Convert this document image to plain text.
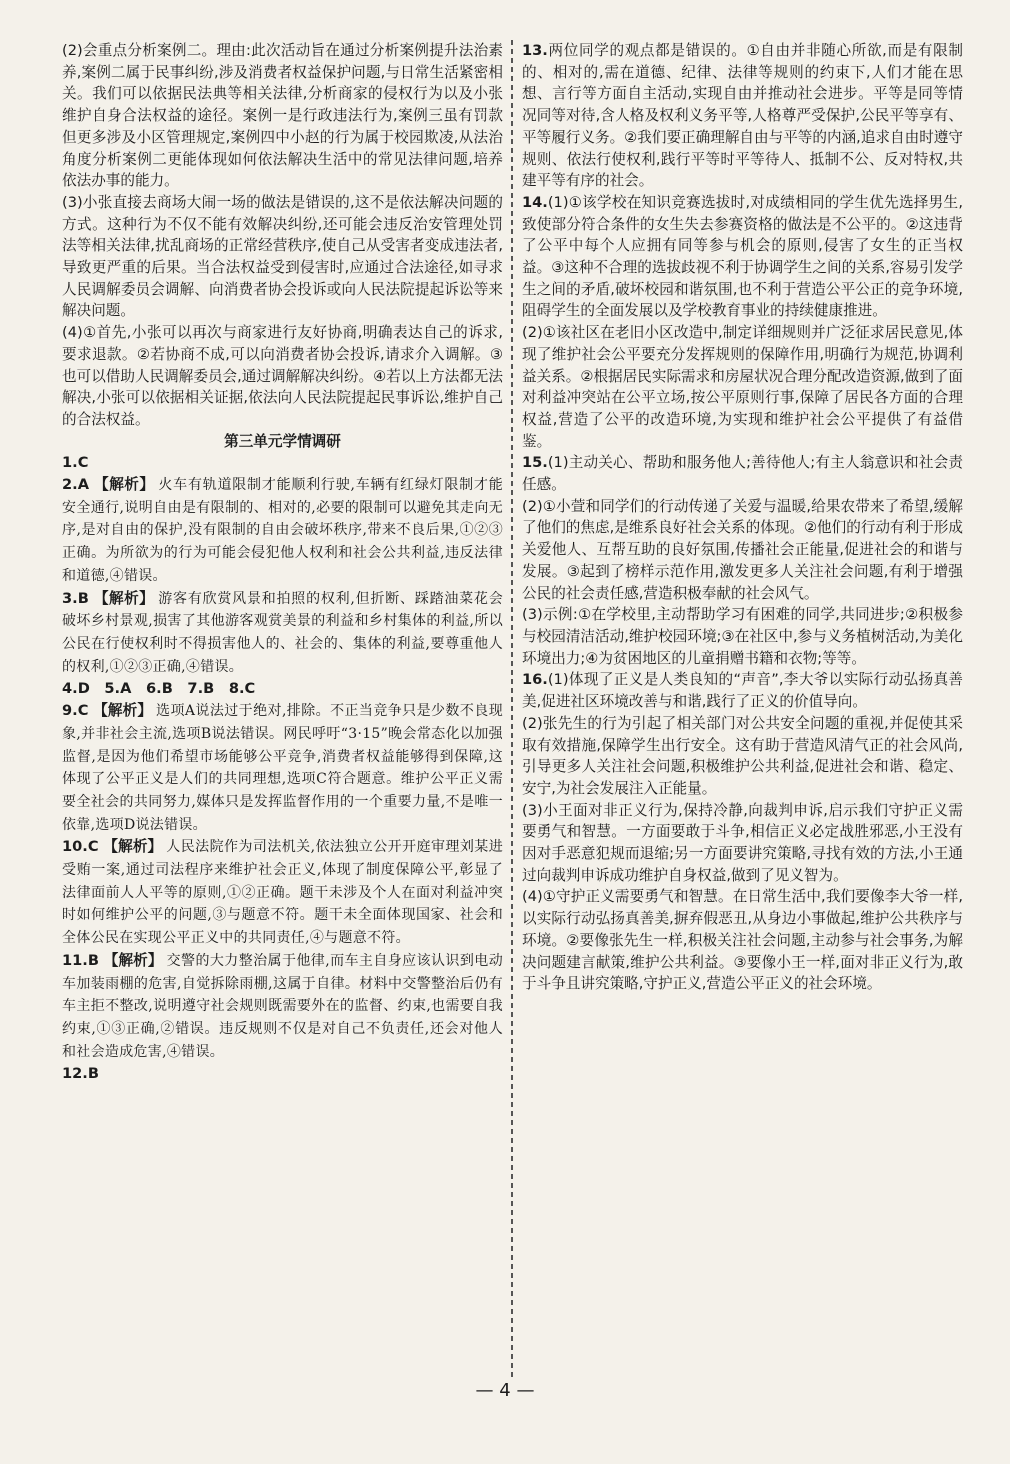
(2)会重点分析案例二。理由:此次活动旨在通过分析案例提升法治素养,案例二属于民事纠纷,涉及消费者权益保护问题,与日常生活紧密相关。我们可以依据民法典等相关法律,分析商家的侵权行为以及小张维护自身合法权益的途径。案例一是行政违法行为,案例三虽有罚款但更多涉及小区管理规定,案例四中小赵的行为属于校园欺凌,从法治角度分析案例二更能体现如何依法解决生活中的常见法律问题,培养依法办事的能力。

(3)小张直接去商场大闹一场的做法是错误的,这不是依法解决问题的方式。这种行为不仅不能有效解决纠纷,还可能会违反治安管理处罚法等相关法律,扰乱商场的正常经营秩序,使自己从受害者变成违法者,导致更严重的后果。当合法权益受到侵害时,应通过合法途径,如寻求人民调解委员会调解、向消费者协会投诉或向人民法院提起诉讼等来解决问题。

(4)①首先,小张可以再次与商家进行友好协商,明确表达自己的诉求,要求退款。②若协商不成,可以向消费者协会投诉,请求介入调解。③也可以借助人民调解委员会,通过调解解决纠纷。④若以上方法都无法解决,小张可以依据相关证据,依法向人民法院提起民事诉讼,维护自己的合法权益。

第三单元学情调研

1.C

2.A 【解析】 火车有轨道限制才能顺利行驶,车辆有红绿灯限制才能安全通行,说明自由是有限制的、相对的,必要的限制可以避免其走向无序,是对自由的保护,没有限制的自由会破坏秩序,带来不良后果,①②③正确。为所欲为的行为可能会侵犯他人权利和社会公共利益,违反法律和道德,④错误。

3.B 【解析】 游客有欣赏风景和拍照的权利,但折断、踩踏油菜花会破坏乡村景观,损害了其他游客观赏美景的利益和乡村集体的利益,所以公民在行使权利时不得损害他人的、社会的、集体的利益,要尊重他人的权利,①②③正确,④错误。

4.D　5.A　6.B　7.B　8.C

9.C 【解析】 选项A说法过于绝对,排除。不正当竞争只是少数不良现象,并非社会主流,选项B说法错误。网民呼吁“3·15”晚会常态化以加强监督,是因为他们希望市场能够公平竞争,消费者权益能够得到保障,这体现了公平正义是人们的共同理想,选项C符合题意。维护公平正义需要全社会的共同努力,媒体只是发挥监督作用的一个重要力量,不是唯一依靠,选项D说法错误。

10.C 【解析】 人民法院作为司法机关,依法独立公开开庭审理刘某进受贿一案,通过司法程序来维护社会正义,体现了制度保障公平,彰显了法律面前人人平等的原则,①②正确。题干未涉及个人在面对利益冲突时如何维护公平的问题,③与题意不符。题干未全面体现国家、社会和全体公民在实现公平正义中的共同责任,④与题意不符。

11.B 【解析】 交警的大力整治属于他律,而车主自身应该认识到电动车加装雨棚的危害,自觉拆除雨棚,这属于自律。材料中交警整治后仍有车主拒不整改,说明遵守社会规则既需要外在的监督、约束,也需要自我约束,①③正确,②错误。违反规则不仅是对自己不负责任,还会对他人和社会造成危害,④错误。

12.B

13.两位同学的观点都是错误的。①自由并非随心所欲,而是有限制的、相对的,需在道德、纪律、法律等规则的约束下,人们才能在思想、言行等方面自主活动,实现自由并推动社会进步。平等是同等情况同等对待,含人格及权利义务平等,人格尊严受保护,公民平等享有、平等履行义务。②我们要正确理解自由与平等的内涵,追求自由时遵守规则、依法行使权利,践行平等时平等待人、抵制不公、反对特权,共建平等有序的社会。

14.(1)①该学校在知识竞赛选拔时,对成绩相同的学生优先选择男生,致使部分符合条件的女生失去参赛资格的做法是不公平的。②这违背了公平中每个人应拥有同等参与机会的原则,侵害了女生的正当权益。③这种不合理的选拔歧视不利于协调学生之间的关系,容易引发学生之间的矛盾,破坏校园和谐氛围,也不利于营造公平公正的竞争环境,阻碍学生的全面发展以及学校教育事业的持续健康推进。

(2)①该社区在老旧小区改造中,制定详细规则并广泛征求居民意见,体现了维护社会公平要充分发挥规则的保障作用,明确行为规范,协调利益关系。②根据居民实际需求和房屋状况合理分配改造资源,做到了面对利益冲突站在公平立场,按公平原则行事,保障了居民各方面的合理权益,营造了公平的改造环境,为实现和维护社会公平提供了有益借鉴。

15.(1)主动关心、帮助和服务他人;善待他人;有主人翁意识和社会责任感。

(2)①小萱和同学们的行动传递了关爱与温暖,给果农带来了希望,缓解了他们的焦虑,是维系良好社会关系的体现。②他们的行动有利于形成关爱他人、互帮互助的良好氛围,传播社会正能量,促进社会的和谐与发展。③起到了榜样示范作用,激发更多人关注社会问题,有利于增强公民的社会责任感,营造积极奉献的社会风气。

(3)示例:①在学校里,主动帮助学习有困难的同学,共同进步;②积极参与校园清洁活动,维护校园环境;③在社区中,参与义务植树活动,为美化环境出力;④为贫困地区的儿童捐赠书籍和衣物;等等。

16.(1)体现了正义是人类良知的“声音”,李大爷以实际行动弘扬真善美,促进社区环境改善与和谐,践行了正义的价值导向。

(2)张先生的行为引起了相关部门对公共安全问题的重视,并促使其采取有效措施,保障学生出行安全。这有助于营造风清气正的社会风尚,引导更多人关注社会问题,积极维护公共利益,促进社会和谐、稳定、安宁,为社会发展注入正能量。

(3)小王面对非正义行为,保持冷静,向裁判申诉,启示我们守护正义需要勇气和智慧。一方面要敢于斗争,相信正义必定战胜邪恶,小王没有因对手恶意犯规而退缩;另一方面要讲究策略,寻找有效的方法,小王通过向裁判申诉成功维护自身权益,做到了见义智为。

(4)①守护正义需要勇气和智慧。在日常生活中,我们要像李大爷一样,以实际行动弘扬真善美,摒弃假恶丑,从身边小事做起,维护公共秩序与环境。②要像张先生一样,积极关注社会问题,主动参与社会事务,为解决问题建言献策,维护公共利益。③要像小王一样,面对非正义行为,敢于斗争且讲究策略,守护正义,营造公平正义的社会环境。

— 4 —
